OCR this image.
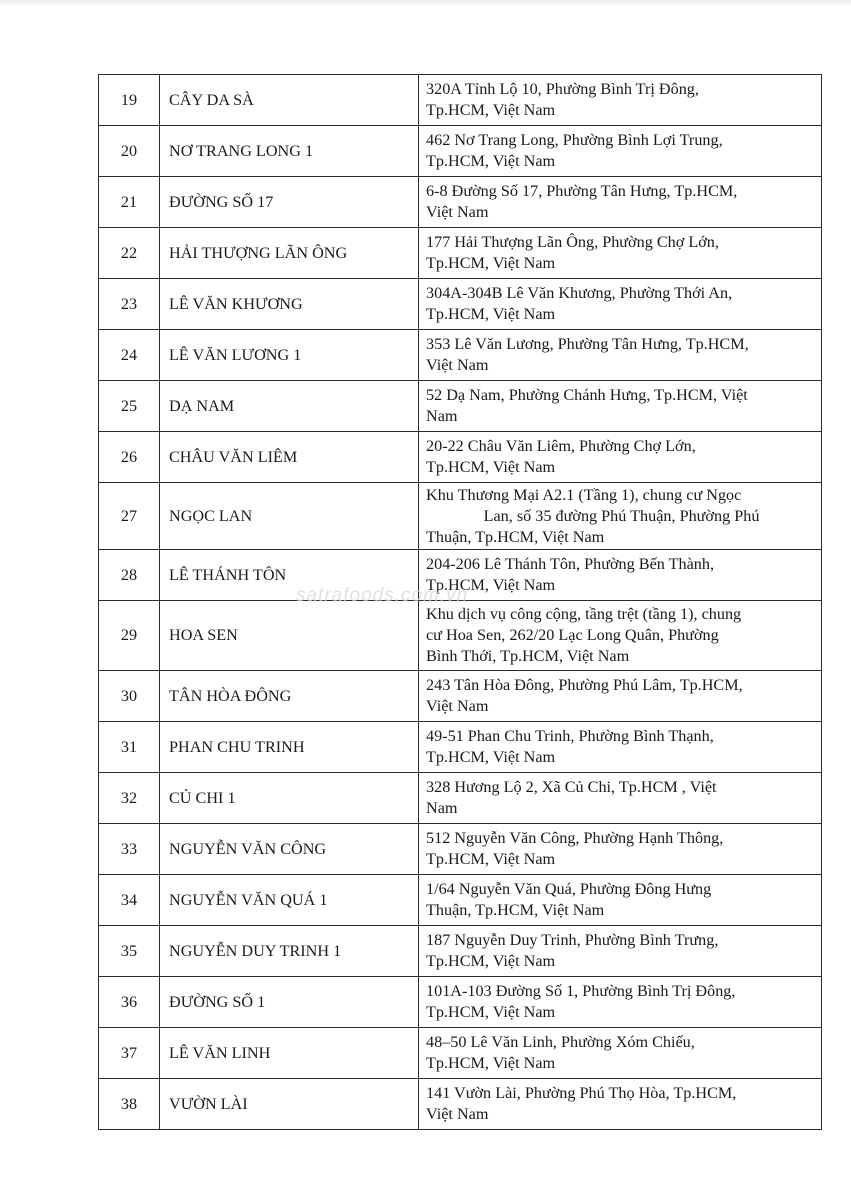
19	CÂY DA SÀ	320A Tỉnh Lộ 10, Phường Bình Trị Đông,
Tp.HCM, Việt Nam

20	NƠ TRANG LONG 1	462 Nơ Trang Long, Phường Bình Lợi Trung,
Tp.HCM, Việt Nam

21	ĐƯỜNG SỐ 17	6-8 Đường Số 17, Phường Tân Hưng, Tp.HCM,
Việt Nam

22	HẢI THƯỢNG LÃN ÔNG	177 Hải Thượng Lãn Ông, Phường Chợ Lớn,
Tp.HCM, Việt Nam

23	LÊ VĂN KHƯƠNG	304A-304B Lê Văn Khương, Phường Thới An,
Tp.HCM, Việt Nam

24	LÊ VĂN LƯƠNG 1	353 Lê Văn Lương, Phường Tân Hưng, Tp.HCM,
Việt Nam

25	DẠ NAM	52 Dạ Nam, Phường Chánh Hưng, Tp.HCM, Việt
Nam

26	CHÂU VĂN LIÊM	20-22 Châu Văn Liêm, Phường Chợ Lớn,
Tp.HCM, Việt Nam

27	NGỌC LAN	Khu Thương Mại A2.1 (Tầng 1), chung cư Ngọc
Lan, số 35 đường Phú Thuận, Phường Phú
Thuận, Tp.HCM, Việt Nam

28	LÊ THÁNH TÔN	204-206 Lê Thánh Tôn, Phường Bến Thành,
Tp.HCM, Việt Nam

29	HOA SEN	Khu dịch vụ công cộng, tầng trệt (tầng 1), chung
cư Hoa Sen, 262/20 Lạc Long Quân, Phường
Bình Thới, Tp.HCM, Việt Nam

30	TÂN HÒA ĐÔNG	243 Tân Hòa Đông, Phường Phú Lâm, Tp.HCM,
Việt Nam

31	PHAN CHU TRINH	49-51 Phan Chu Trinh, Phường Bình Thạnh,
Tp.HCM, Việt Nam

32	CỦ CHI 1	328 Hương Lộ 2, Xã Củ Chi, Tp.HCM , Việt
Nam

33	NGUYỄN VĂN CÔNG	512 Nguyễn Văn Công, Phường Hạnh Thông,
Tp.HCM, Việt Nam

34	NGUYỄN VĂN QUÁ 1	1/64 Nguyễn Văn Quá, Phường Đông Hưng
Thuận, Tp.HCM, Việt Nam

35	NGUYỄN DUY TRINH 1	187 Nguyễn Duy Trinh, Phường Bình Trưng,
Tp.HCM, Việt Nam

36	ĐƯỜNG SỐ 1	101A-103 Đường Số 1, Phường Bình Trị Đông,
Tp.HCM, Việt Nam

37	LÊ VĂN LINH	48–50 Lê Văn Linh, Phường Xóm Chiếu,
Tp.HCM, Việt Nam

38	VƯỜN LÀI	141 Vườn Lài, Phường Phú Thọ Hòa, Tp.HCM,
Việt Nam
satrafoods.com.vn
